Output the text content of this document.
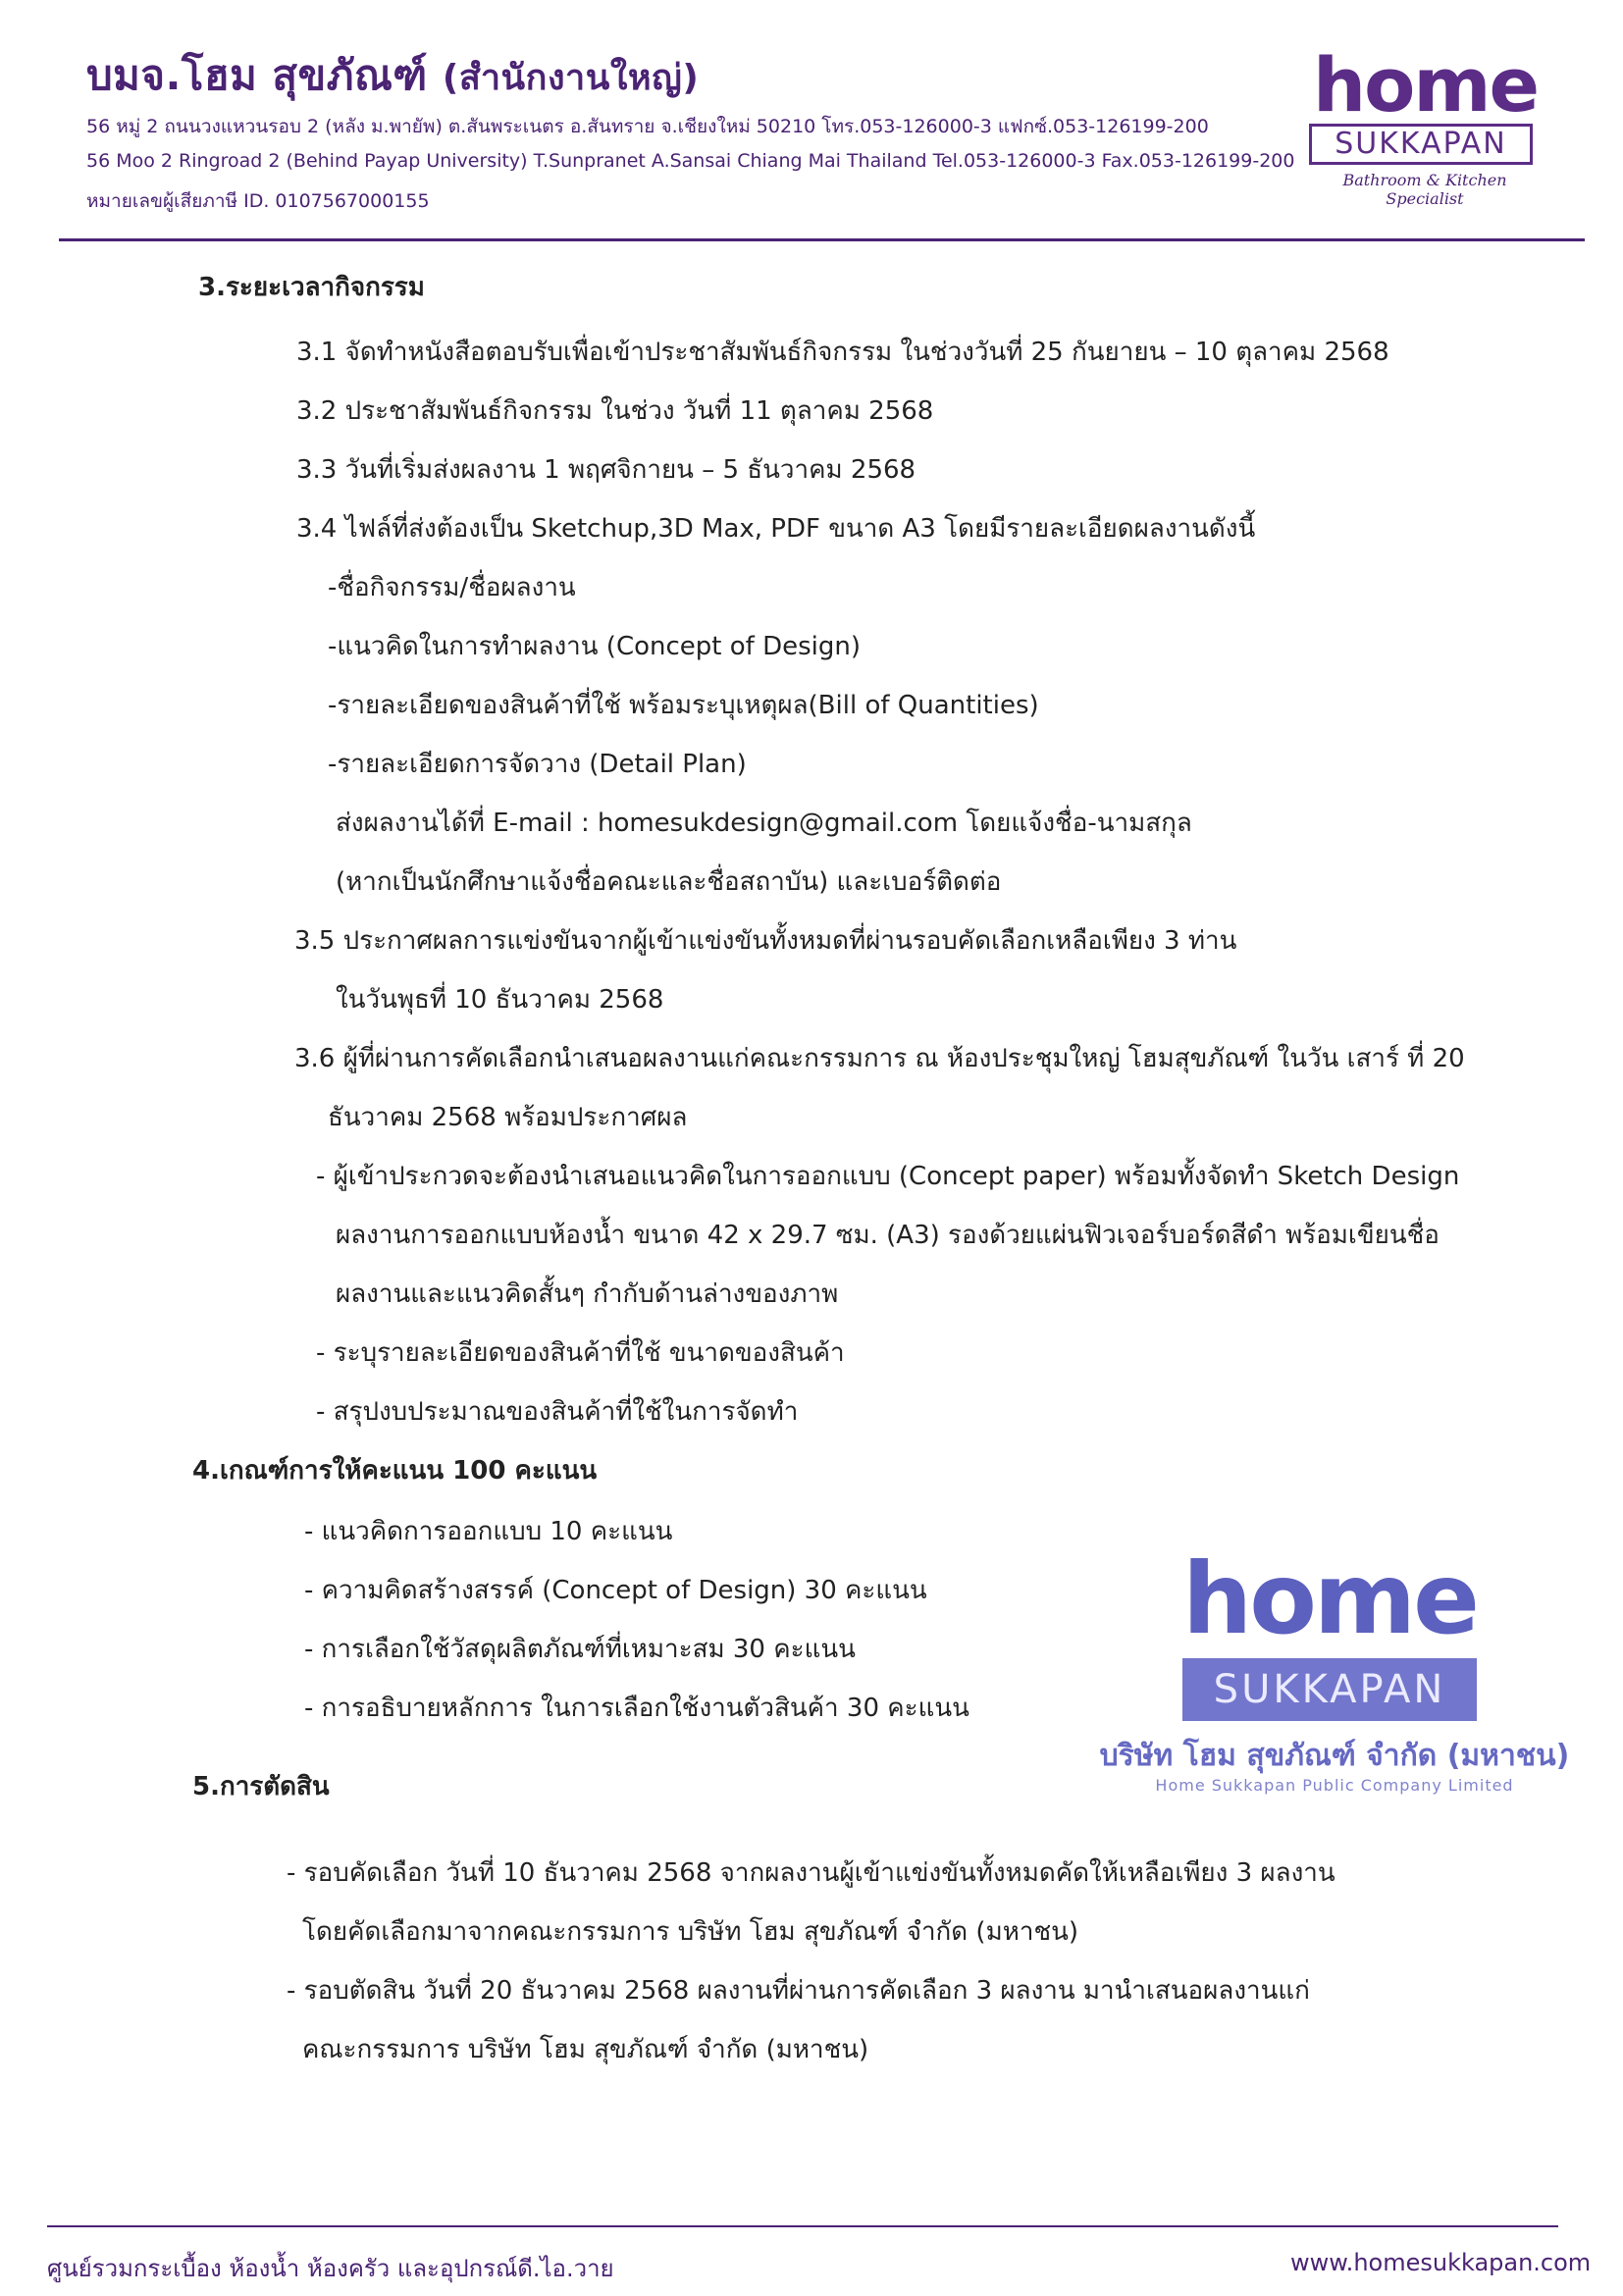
บมจ.โฮม สุขภัณฑ์ (สำนักงานใหญ่)
56 หมู่ 2 ถนนวงแหวนรอบ 2 (หลัง ม.พายัพ) ต.สันพระเนตร อ.สันทราย จ.เชียงใหม่ 50210 โทร.053-126000-3 แฟกซ์.053-126199-200
56 Moo 2 Ringroad 2 (Behind Payap University) T.Sunpranet A.Sansai Chiang Mai Thailand Tel.053-126000-3 Fax.053-126199-200
หมายเลขผู้เสียภาษี ID. 0107567000155
home
SUKKAPAN
Bathroom & Kitchen Specialist
3.ระยะเวลากิจกรรม
3.1 จัดทำหนังสือตอบรับเพื่อเข้าประชาสัมพันธ์กิจกรรม ในช่วงวันที่ 25 กันยายน – 10 ตุลาคม 2568
3.2 ประชาสัมพันธ์กิจกรรม ในช่วง วันที่ 11 ตุลาคม 2568
3.3 วันที่เริ่มส่งผลงาน 1 พฤศจิกายน – 5 ธันวาคม 2568
3.4 ไฟล์ที่ส่งต้องเป็น Sketchup,3D Max, PDF ขนาด A3 โดยมีรายละเอียดผลงานดังนี้
-ชื่อกิจกรรม/ชื่อผลงาน
-แนวคิดในการทำผลงาน (Concept of Design)
-รายละเอียดของสินค้าที่ใช้ พร้อมระบุเหตุผล(Bill of Quantities)
-รายละเอียดการจัดวาง (Detail Plan)
ส่งผลงานได้ที่ E-mail : homesukdesign@gmail.com โดยแจ้งชื่อ-นามสกุล
(หากเป็นนักศึกษาแจ้งชื่อคณะและชื่อสถาบัน) และเบอร์ติดต่อ
3.5 ประกาศผลการแข่งขันจากผู้เข้าแข่งขันทั้งหมดที่ผ่านรอบคัดเลือกเหลือเพียง 3 ท่าน
ในวันพุธที่ 10 ธันวาคม 2568
3.6 ผู้ที่ผ่านการคัดเลือกนำเสนอผลงานแก่คณะกรรมการ ณ ห้องประชุมใหญ่ โฮมสุขภัณฑ์ ในวัน เสาร์ ที่ 20
ธันวาคม 2568 พร้อมประกาศผล
- ผู้เข้าประกวดจะต้องนำเสนอแนวคิดในการออกแบบ (Concept paper) พร้อมทั้งจัดทำ Sketch Design
ผลงานการออกแบบห้องน้ำ ขนาด 42 x 29.7 ซม. (A3) รองด้วยแผ่นฟิวเจอร์บอร์ดสีดำ พร้อมเขียนชื่อ
ผลงานและแนวคิดสั้นๆ กำกับด้านล่างของภาพ
- ระบุรายละเอียดของสินค้าที่ใช้ ขนาดของสินค้า
- สรุปงบประมาณของสินค้าที่ใช้ในการจัดทำ
4.เกณฑ์การให้คะแนน 100 คะแนน
- แนวคิดการออกแบบ 10 คะแนน
- ความคิดสร้างสรรค์ (Concept of Design) 30 คะแนน
- การเลือกใช้วัสดุผลิตภัณฑ์ที่เหมาะสม 30 คะแนน
- การอธิบายหลักการ ในการเลือกใช้งานตัวสินค้า 30 คะแนน
5.การตัดสิน
- รอบคัดเลือก วันที่ 10 ธันวาคม 2568 จากผลงานผู้เข้าแข่งขันทั้งหมดคัดให้เหลือเพียง 3 ผลงาน
โดยคัดเลือกมาจากคณะกรรมการ บริษัท โฮม สุขภัณฑ์ จำกัด (มหาชน)
- รอบตัดสิน วันที่ 20 ธันวาคม 2568 ผลงานที่ผ่านการคัดเลือก 3 ผลงาน มานำเสนอผลงานแก่
คณะกรรมการ บริษัท โฮม สุขภัณฑ์ จำกัด (มหาชน)
home
SUKKAPAN
บริษัท โฮม สุขภัณฑ์ จำกัด (มหาชน)
Home Sukkapan Public Company Limited
ศูนย์รวมกระเบื้อง ห้องน้ำ ห้องครัว และอุปกรณ์ดี.ไอ.วาย	www.homesukkapan.com
